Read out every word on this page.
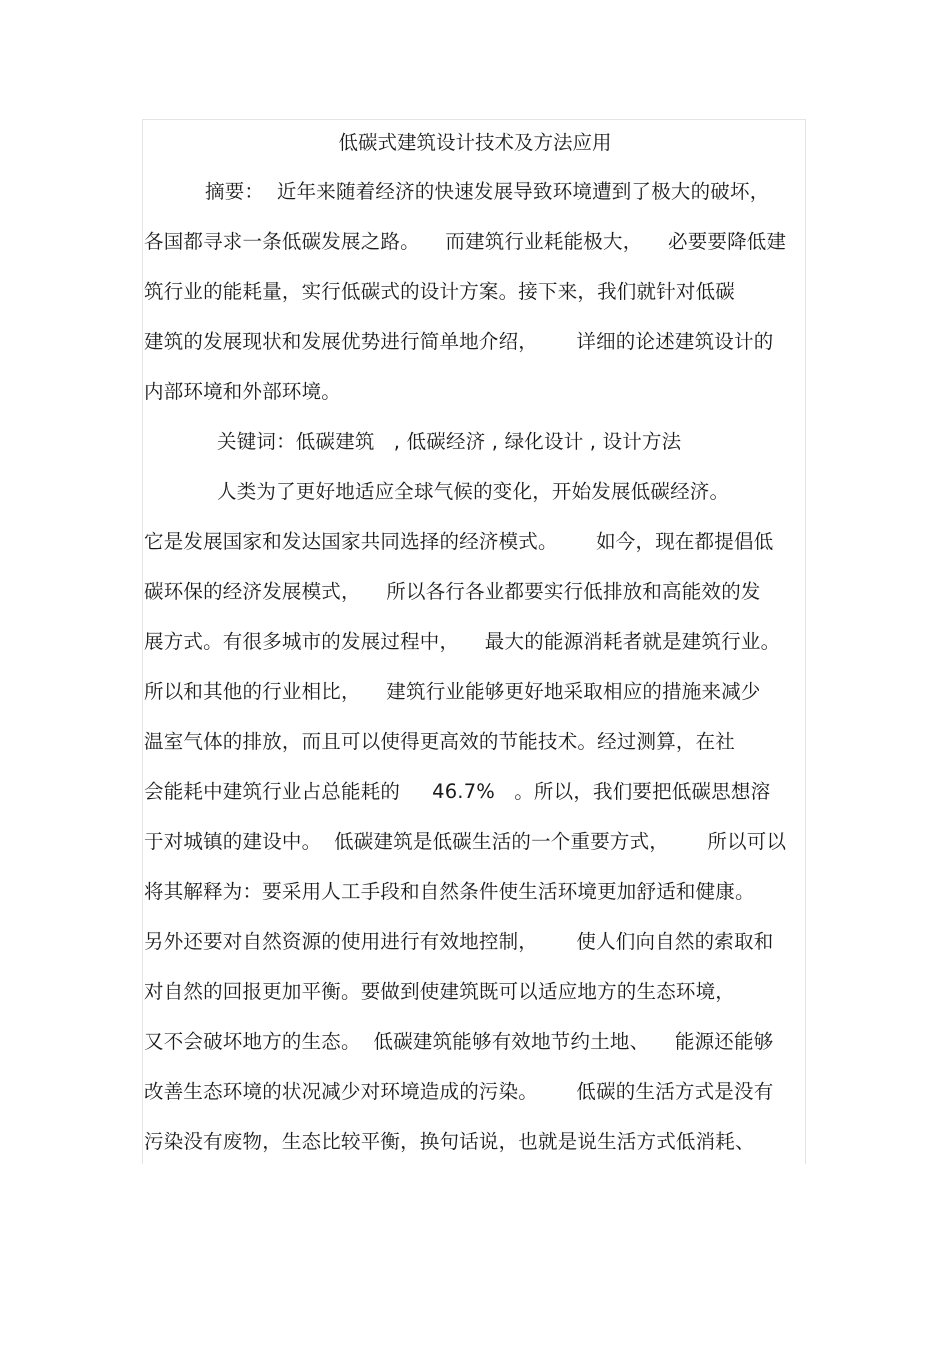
低碳式建筑设计技术及方法应用
摘要：  近年来随着经济的快速发展导致环境遭到了极大的破坏，
各国都寻求一条低碳发展之路。    而建筑行业耗能极大，    必要要降低建
筑行业的能耗量，实行低碳式的设计方案。接下来，我们就针对低碳
建筑的发展现状和发展优势进行简单地介绍，      详细的论述建筑设计的
内部环境和外部环境。
关键词：低碳建筑   , 低碳经济 , 绿化设计 , 设计方法
人类为了更好地适应全球气候的变化，开始发展低碳经济。
它是发展国家和发达国家共同选择的经济模式。      如今，现在都提倡低
碳环保的经济发展模式，    所以各行各业都要实行低排放和高能效的发
展方式。有很多城市的发展过程中，    最大的能源消耗者就是建筑行业。
所以和其他的行业相比，    建筑行业能够更好地采取相应的措施来减少
温室气体的排放，而且可以使得更高效的节能技术。经过测算，在社
会能耗中建筑行业占总能耗的     46.7%   。所以，我们要把低碳思想溶
于对城镇的建设中。  低碳建筑是低碳生活的一个重要方式，      所以可以
将其解释为：要采用人工手段和自然条件使生活环境更加舒适和健康。
另外还要对自然资源的使用进行有效地控制，      使人们向自然的索取和
对自然的回报更加平衡。要做到使建筑既可以适应地方的生态环境，
又不会破坏地方的生态。  低碳建筑能够有效地节约土地、    能源还能够
改善生态环境的状况减少对环境造成的污染。      低碳的生活方式是没有
污染没有废物，生态比较平衡，换句话说，也就是说生活方式低消耗、
